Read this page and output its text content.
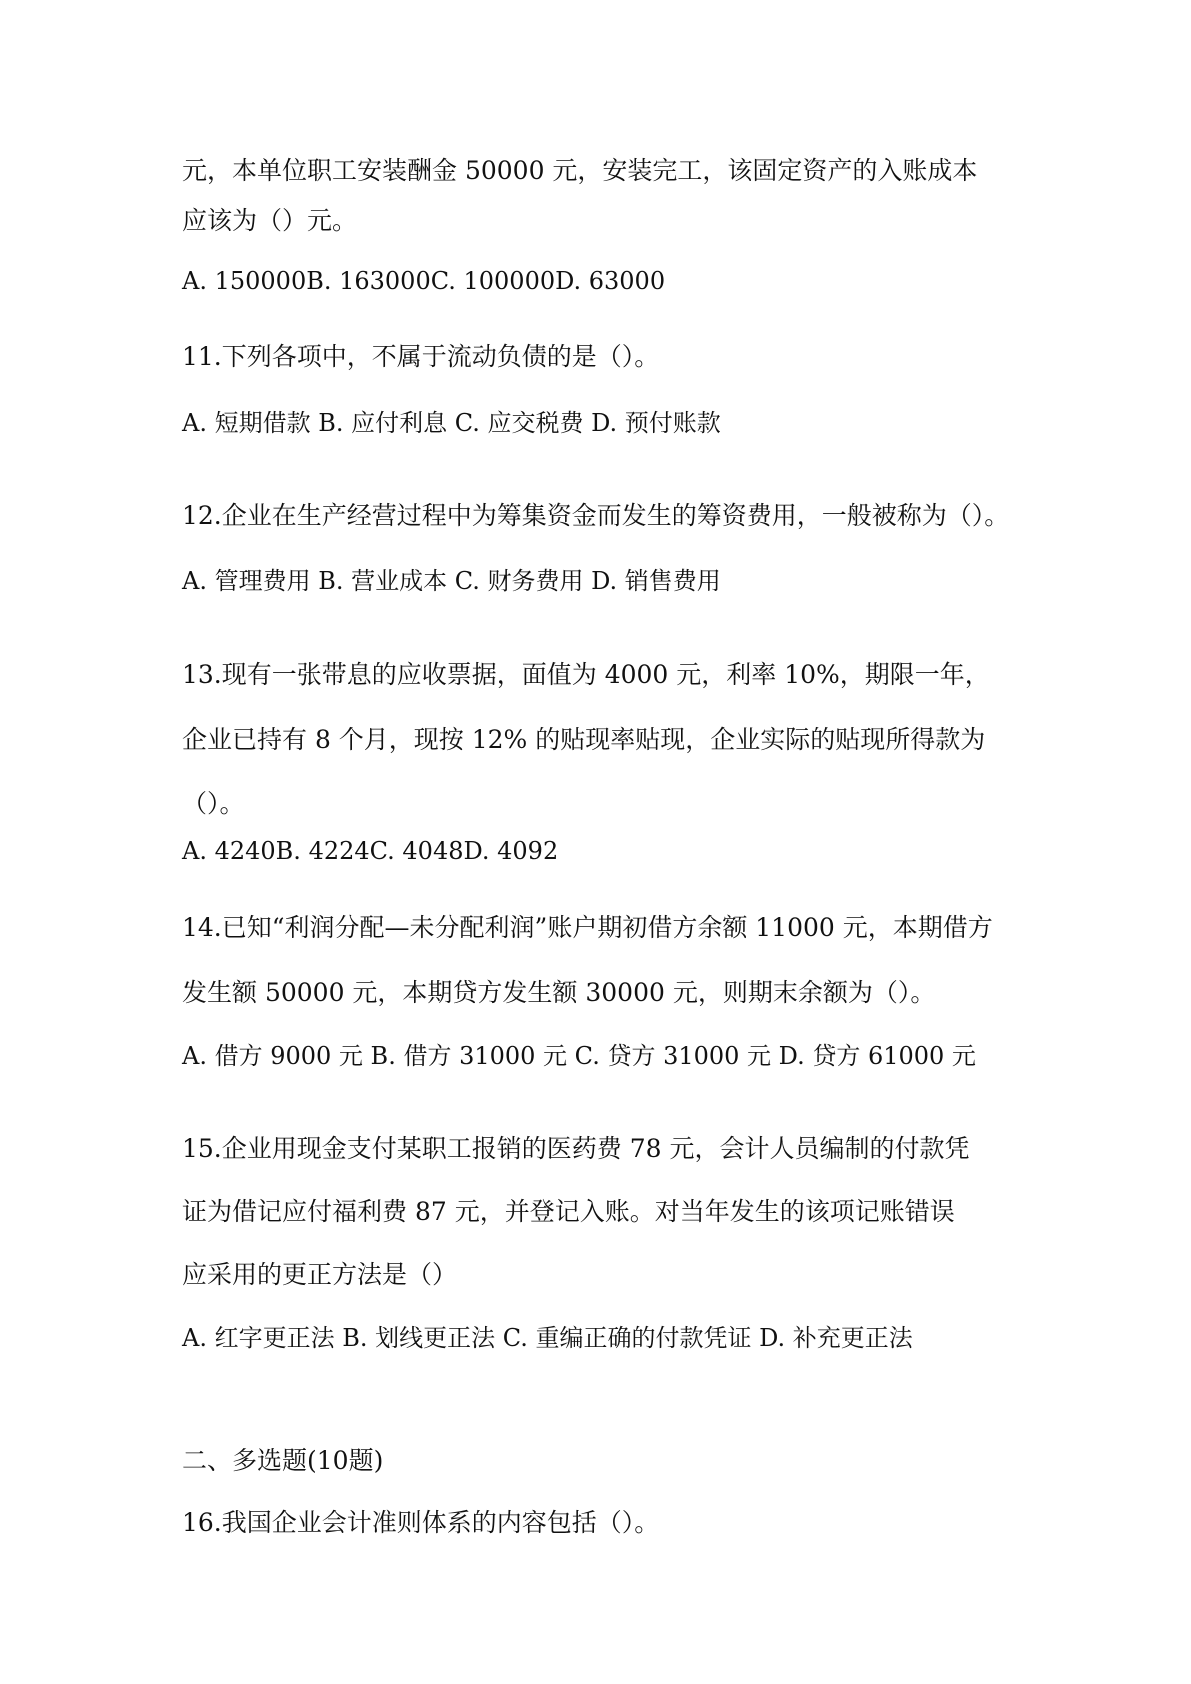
元，本单位职工安装酬金 50000 元，安装完工，该固定资产的入账成本
应该为（）元。
A. 150000B. 163000C. 100000D. 63000
11.下列各项中，不属于流动负债的是（）。
A. 短期借款 B. 应付利息 C. 应交税费 D. 预付账款
12.企业在生产经营过程中为筹集资金而发生的筹资费用，一般被称为（）。
A. 管理费用 B. 营业成本 C. 财务费用 D. 销售费用
13.现有一张带息的应收票据，面值为 4000 元，利率 10%，期限一年，
企业已持有 8 个月，现按 12% 的贴现率贴现，企业实际的贴现所得款为
（）。
A. 4240B. 4224C. 4048D. 4092
14.已知“利润分配—未分配利润”账户期初借方余额 11000 元，本期借方
发生额 50000 元，本期贷方发生额 30000 元，则期末余额为（）。
A. 借方 9000 元 B. 借方 31000 元 C. 贷方 31000 元 D. 贷方 61000 元
15.企业用现金支付某职工报销的医药费 78 元，会计人员编制的付款凭
证为借记应付福利费 87 元，并登记入账。对当年发生的该项记账错误
应采用的更正方法是（）
A. 红字更正法 B. 划线更正法 C. 重编正确的付款凭证 D. 补充更正法
二、多选题(10题)
16.我国企业会计准则体系的内容包括（）。
